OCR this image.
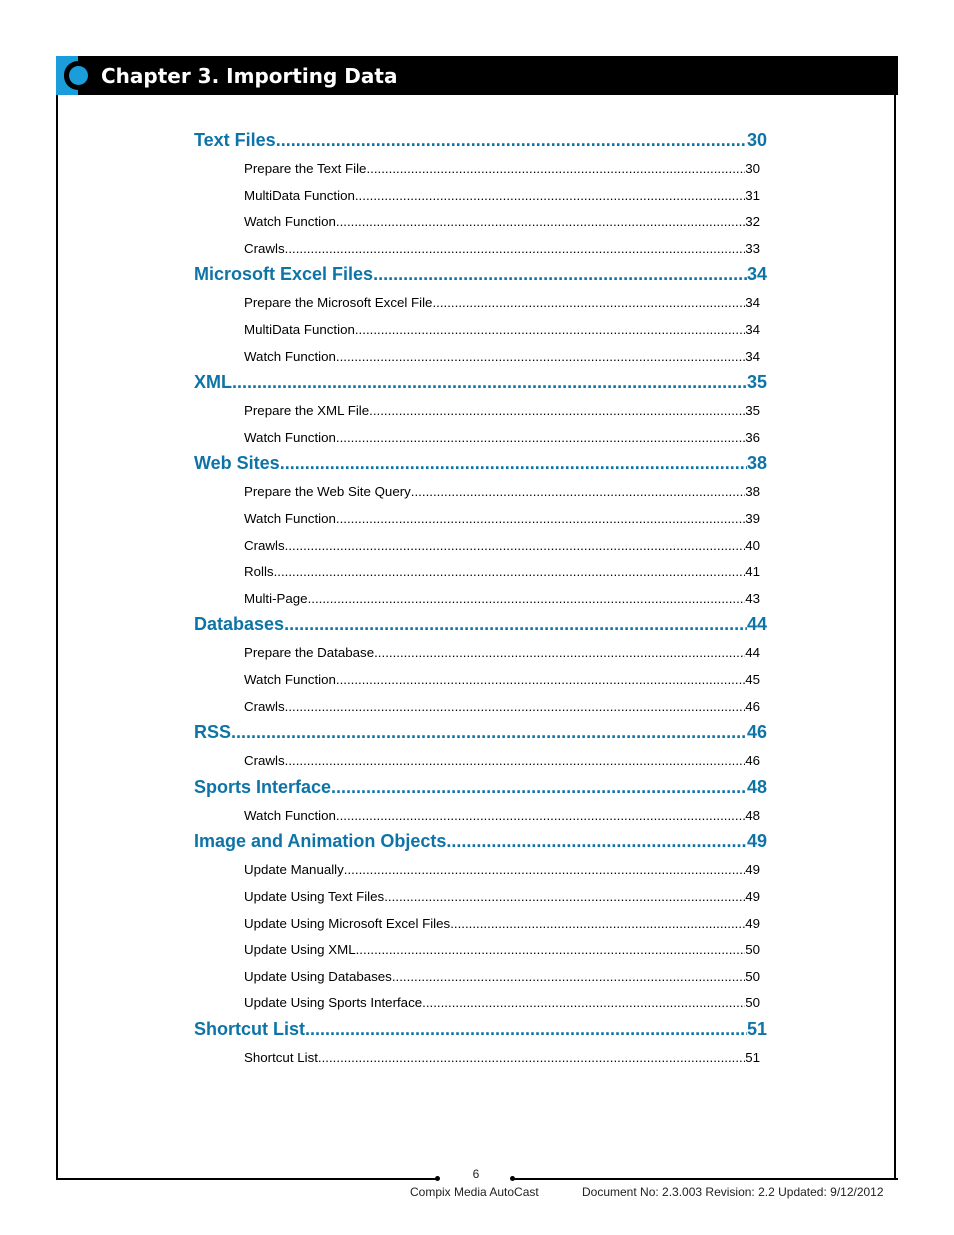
Chapter 3. Importing Data
Text Files .....	30
Prepare the Text File .....	30
MultiData Function .....	31
Watch Function .....	32
Crawls .....	33
Microsoft Excel Files .....	34
Prepare the Microsoft Excel File .....	34
MultiData Function .....	34
Watch Function .....	34
XML .....	35
Prepare the XML File .....	35
Watch Function .....	36
Web Sites .....	38
Prepare the Web Site Query .....	38
Watch Function .....	39
Crawls .....	40
Rolls .....	41
Multi-Page .....	43
Databases .....	44
Prepare the Database .....	44
Watch Function .....	45
Crawls .....	46
RSS .....	46
Crawls .....	46
Sports Interface .....	48
Watch Function .....	48
Image and Animation Objects .....	49
Update Manually .....	49
Update Using Text Files .....	49
Update Using Microsoft Excel Files .....	49
Update Using XML .....	50
Update Using Databases .....	50
Update Using Sports Interface .....	50
Shortcut List .....	51
Shortcut List .....	51
6
Compix Media AutoCast	Document No: 2.3.003 Revision: 2.2 Updated: 9/12/2012
